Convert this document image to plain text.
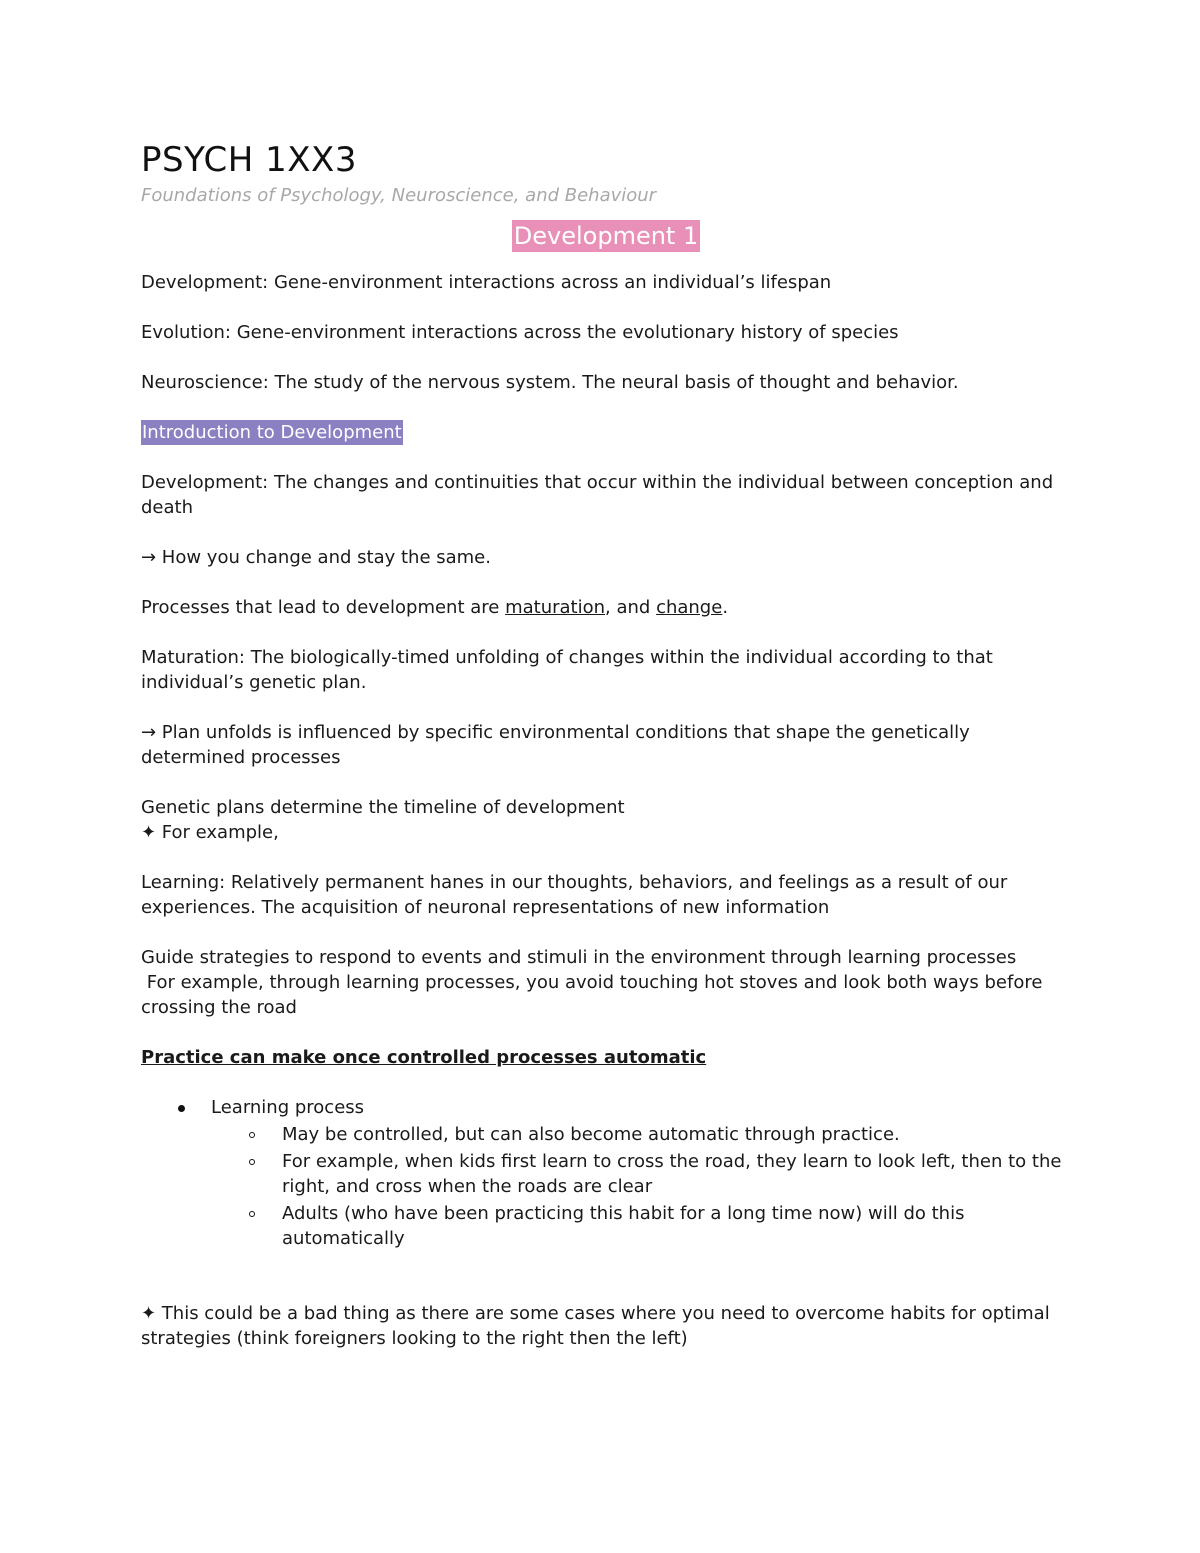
PSYCH 1XX3

Foundations of Psychology, Neuroscience, and Behaviour

Development 1

Development: Gene-environment interactions across an individual’s lifespan

Evolution: Gene-environment interactions across the evolutionary history of species

Neuroscience: The study of the nervous system. The neural basis of thought and behavior.

Introduction to Development

Development: The changes and continuities that occur within the individual between conception and death

→ How you change and stay the same.

Processes that lead to development are maturation, and change.

Maturation: The biologically-timed unfolding of changes within the individual according to that individual’s genetic plan.

→ Plan unfolds is influenced by specific environmental conditions that shape the genetically determined processes

Genetic plans determine the timeline of development

✦ For example,

Learning: Relatively permanent hanes in our thoughts, behaviors, and feelings as a result of our experiences. The acquisition of neuronal representations of new information

Guide strategies to respond to events and stimuli in the environment through learning processes

For example, through learning processes, you avoid touching hot stoves and look both ways before crossing the road

Practice can make once controlled processes automatic

Learning process
May be controlled, but can also become automatic through practice.
For example, when kids first learn to cross the road, they learn to look left, then to the right, and cross when the roads are clear
Adults (who have been practicing this habit for a long time now) will do this automatically

✦ This could be a bad thing as there are some cases where you need to overcome habits for optimal strategies (think foreigners looking to the right then the left)
